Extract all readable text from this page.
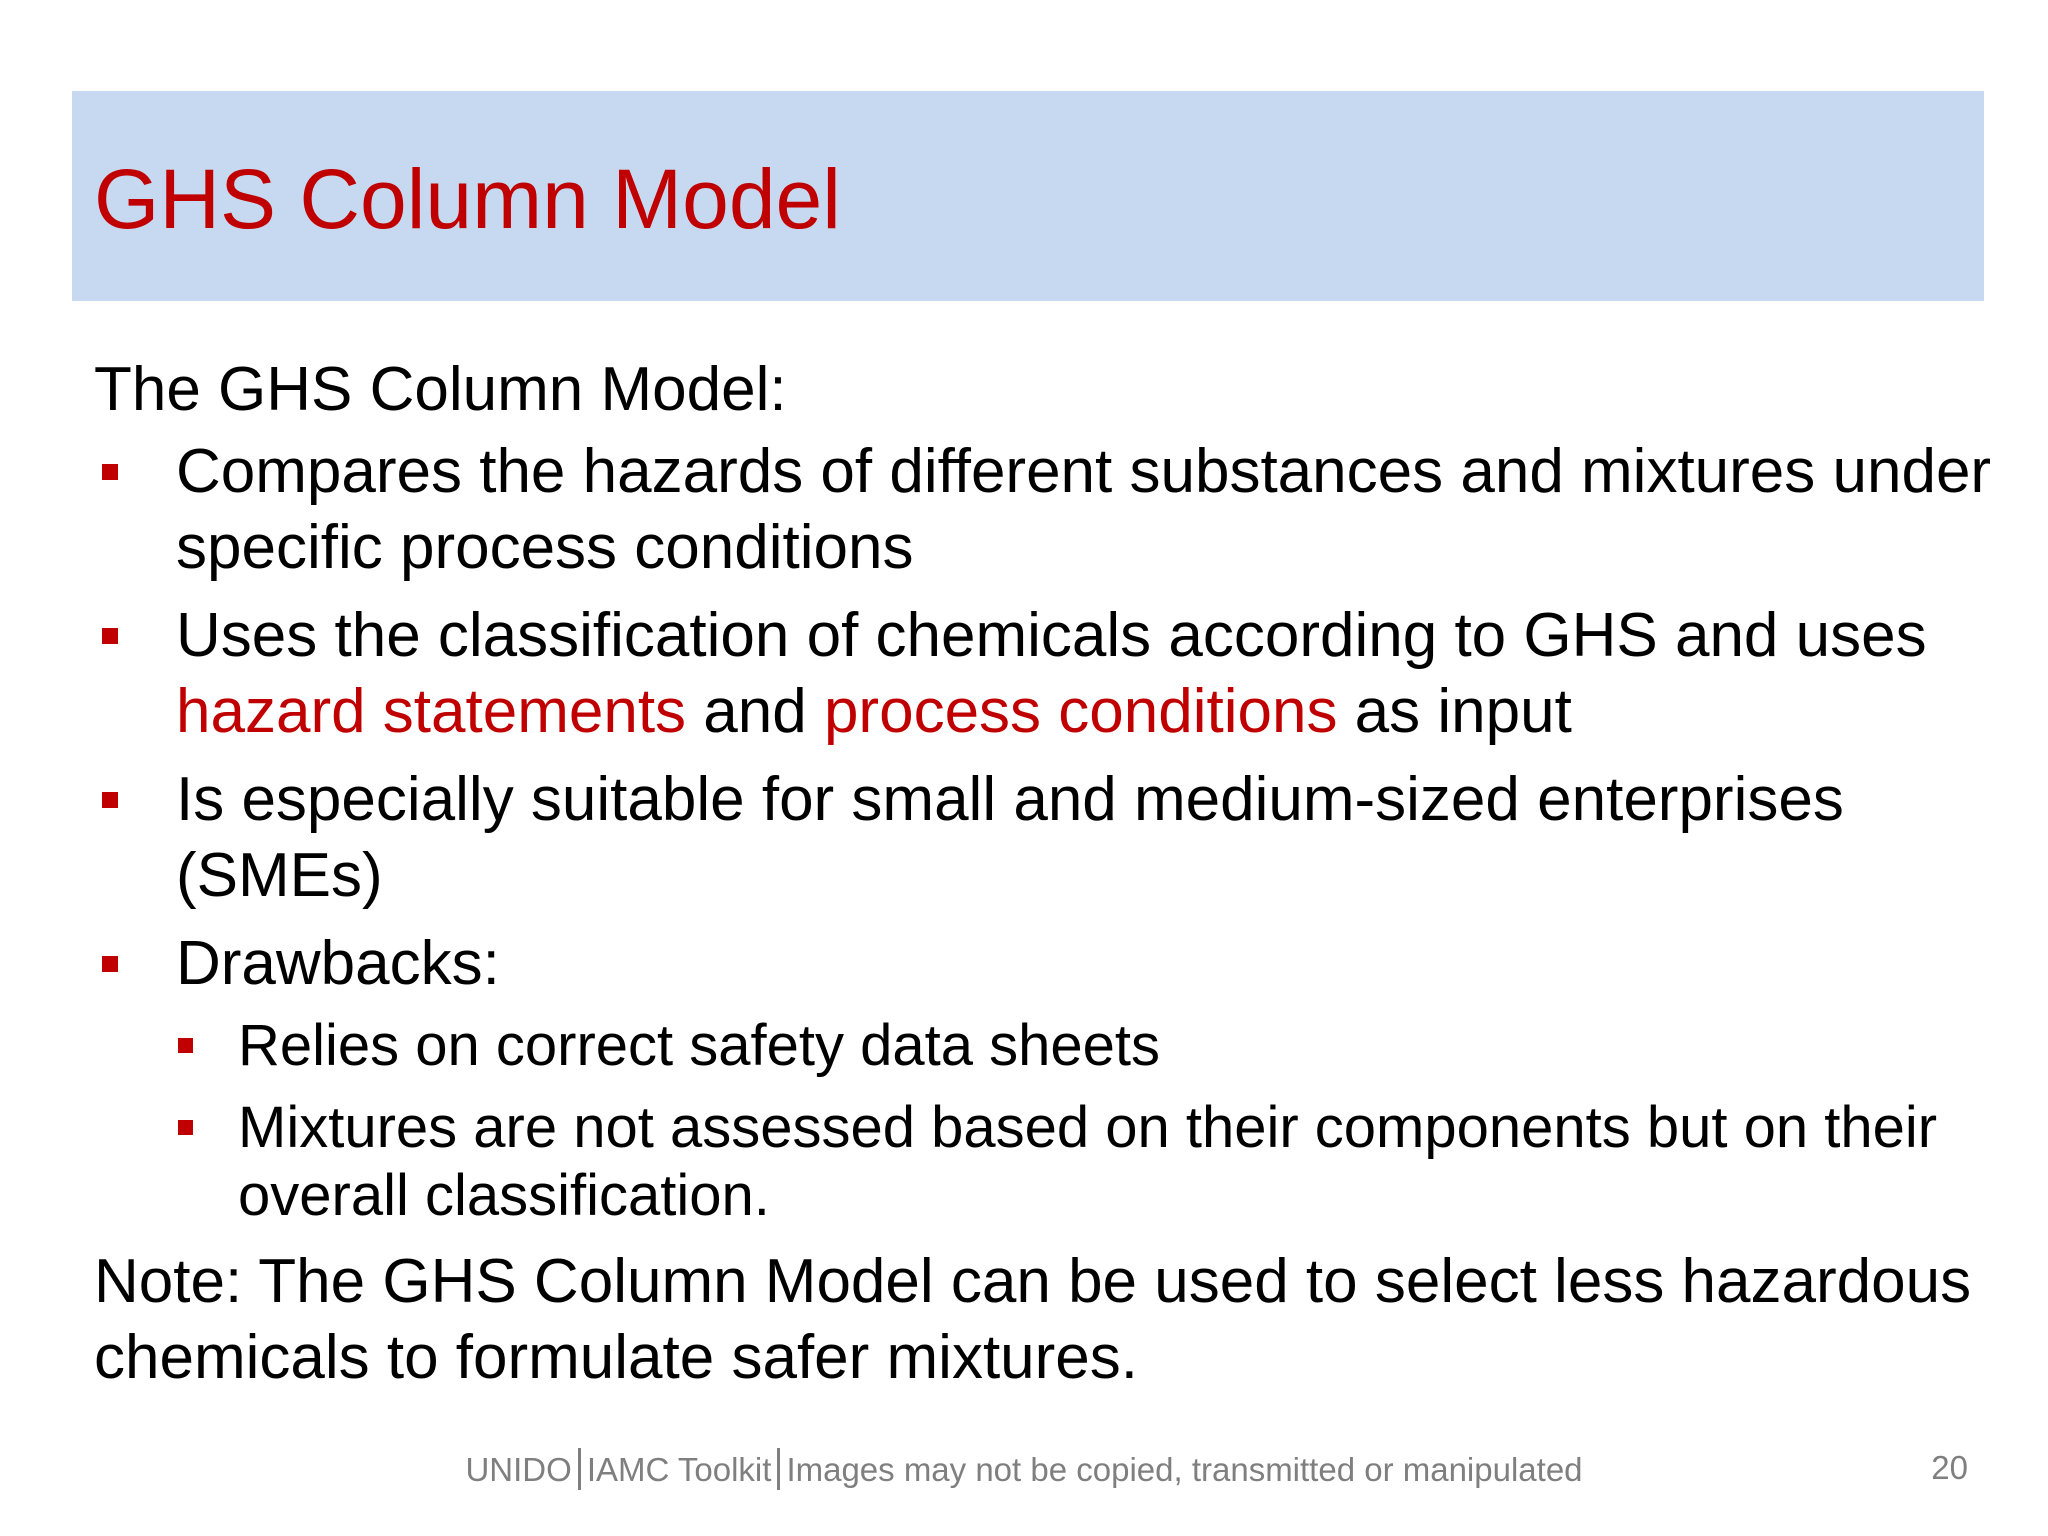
GHS Column Model

The GHS Column Model:

Compares the hazards of different substances and mixtures under specific process conditions
Uses the classification of chemicals according to GHS and uses hazard statements and process conditions as input
Is especially suitable for small and medium-sized enterprises (SMEs)
Drawbacks:
Relies on correct safety data sheets
Mixtures are not assessed based on their components but on their overall classification.

Note: The GHS Column Model can be used to select less hazardous chemicals to formulate safer mixtures.

UNIDO IAMC Toolkit Images may not be copied, transmitted or manipulated	20
